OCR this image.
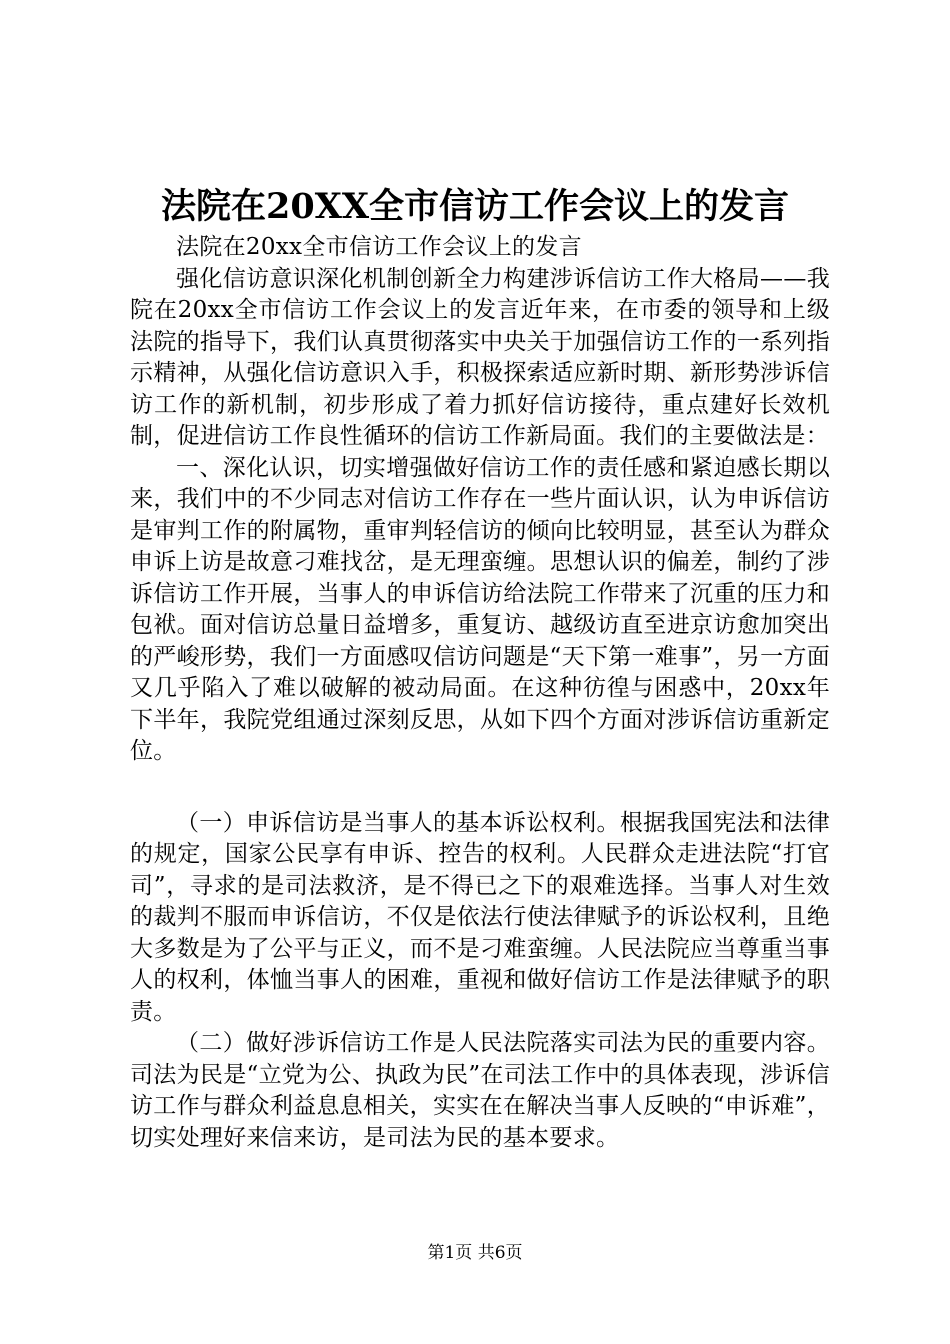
法院在20XX全市信访工作会议上的发言

法院在20xx全市信访工作会议上的发言

强化信访意识深化机制创新全力构建涉诉信访工作大格局——我院在20xx全市信访工作会议上的发言近年来，在市委的领导和上级法院的指导下，我们认真贯彻落实中央关于加强信访工作的一系列指示精神，从强化信访意识入手，积极探索适应新时期、新形势涉诉信访工作的新机制，初步形成了着力抓好信访接待，重点建好长效机制，促进信访工作良性循环的信访工作新局面。我们的主要做法是：

一、深化认识，切实增强做好信访工作的责任感和紧迫感长期以来，我们中的不少同志对信访工作存在一些片面认识，认为申诉信访是审判工作的附属物，重审判轻信访的倾向比较明显，甚至认为群众申诉上访是故意刁难找岔，是无理蛮缠。思想认识的偏差，制约了涉诉信访工作开展，当事人的申诉信访给法院工作带来了沉重的压力和包袱。面对信访总量日益增多，重复访、越级访直至进京访愈加突出的严峻形势，我们一方面感叹信访问题是“天下第一难事”，另一方面又几乎陷入了难以破解的被动局面。在这种彷徨与困惑中，20xx年下半年，我院党组通过深刻反思，从如下四个方面对涉诉信访重新定位。

（一）申诉信访是当事人的基本诉讼权利。根据我国宪法和法律的规定，国家公民享有申诉、控告的权利。人民群众走进法院“打官司”，寻求的是司法救济，是不得已之下的艰难选择。当事人对生效的裁判不服而申诉信访，不仅是依法行使法律赋予的诉讼权利，且绝大多数是为了公平与正义，而不是刁难蛮缠。人民法院应当尊重当事人的权利，体恤当事人的困难，重视和做好信访工作是法律赋予的职责。

（二）做好涉诉信访工作是人民法院落实司法为民的重要内容。司法为民是“立党为公、执政为民”在司法工作中的具体表现，涉诉信访工作与群众利益息息相关，实实在在解决当事人反映的“申诉难”，切实处理好来信来访，是司法为民的基本要求。

第1页 共6页
